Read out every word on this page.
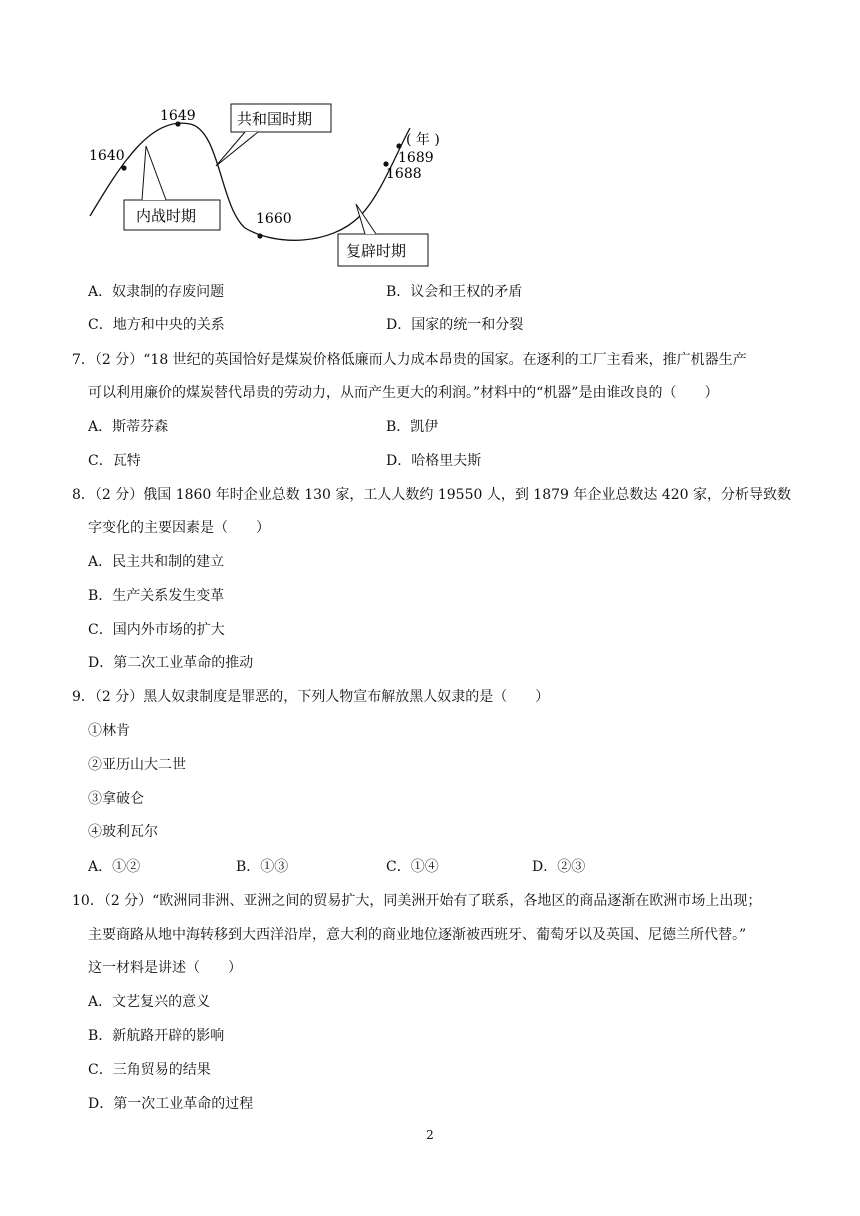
1640
1649
1660
1688
1689
( 年 )
共和国时期
内战时期
复辟时期
A．奴隶制的存废问题	B．议会和王权的矛盾
C．地方和中央的关系	D．国家的统一和分裂
7．（2 分）“18 世纪的英国恰好是煤炭价格低廉而人力成本昂贵的国家。在逐利的工厂主看来，推广机器生产
可以利用廉价的煤炭替代昂贵的劳动力，从而产生更大的利润。”材料中的“机器”是由谁改良的（　　）
A．斯蒂芬森	B．凯伊
C．瓦特	D．哈格里夫斯
8．（2 分）俄国 1860 年时企业总数 130 家，工人人数约 19550 人，到 1879 年企业总数达 420 家，分析导致数
字变化的主要因素是（　　）
A．民主共和制的建立
B．生产关系发生变革
C．国内外市场的扩大
D．第二次工业革命的推动
9．（2 分）黑人奴隶制度是罪恶的，下列人物宣布解放黑人奴隶的是（　　）
①林肯
②亚历山大二世
③拿破仑
④玻利瓦尔
A．①②	B．①③	C．①④	D．②③
10．（2 分）“欧洲同非洲、亚洲之间的贸易扩大，同美洲开始有了联系，各地区的商品逐渐在欧洲市场上出现；
主要商路从地中海转移到大西洋沿岸，意大利的商业地位逐渐被西班牙、葡萄牙以及英国、尼德兰所代替。”
这一材料是讲述（　　）
A．文艺复兴的意义
B．新航路开辟的影响
C．三角贸易的结果
D．第一次工业革命的过程
2
